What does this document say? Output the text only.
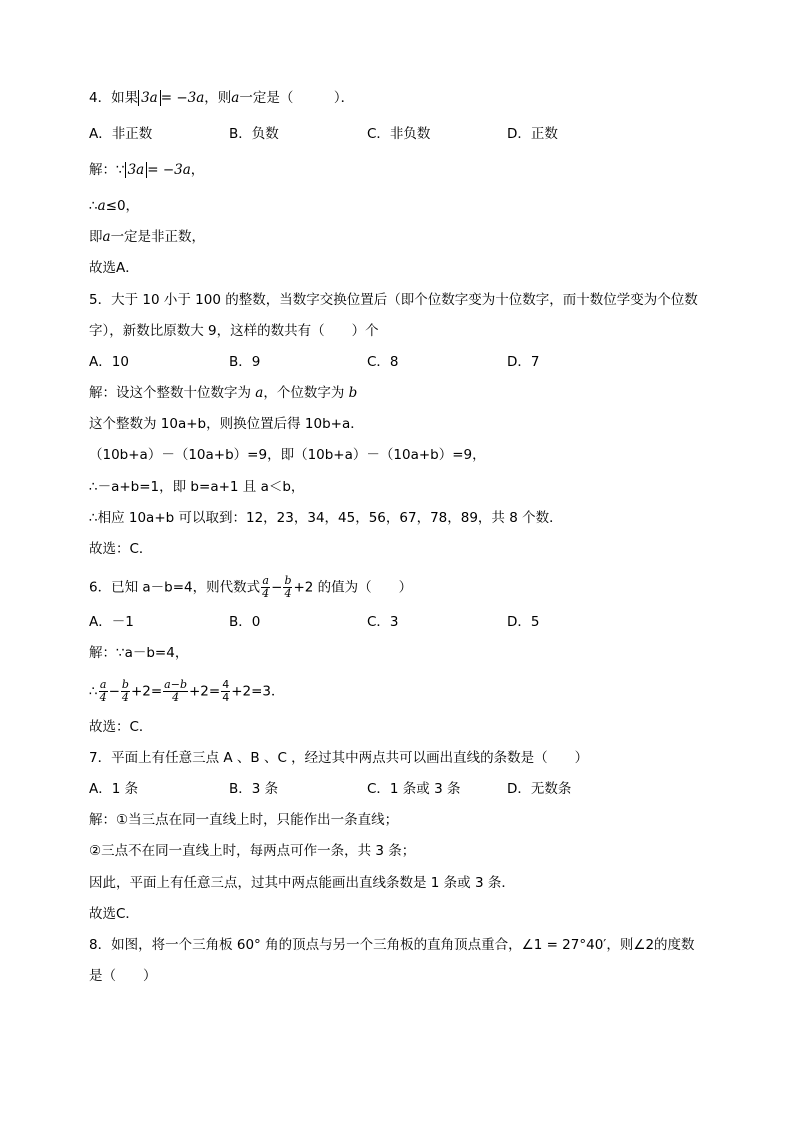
4．如果 3a = −3a，则a一定是（　　　）．
A．非正数	B．负数	C．非负数	D．正数
解：∵ 3a = −3a，
∴a≤0，
即a一定是非正数，
故选A．
5．大于 10 小于 100 的整数，当数字交换位置后（即个位数字变为十位数字，而十数位学变为个位数
字），新数比原数大 9，这样的数共有（　　）个
A．10	B．9	C．8	D．7
解：设这个整数十位数字为 a，个位数字为 b
这个整数为 10a+b，则换位置后得 10b+a．
（10b+a）－（10a+b）=9，即（10b+a）－（10a+b）=9，
∴－a+b=1，即 b=a+1 且 a＜b，
∴相应 10a+b 可以取到：12，23，34，45，56，67，78，89，共 8 个数．
故选：C．
6．已知 a－b=4，则代数式 $\frac{a}{4} - \frac{b}{4} +2$ 的值为（　　）
A．－1	B．0	C．3	D．5
解：∵a－b=4，
∴ $\frac{a}{4} - \frac{b}{4} +2= \frac{a-b}{4} +2= \frac{4}{4} +2=3$．
故选：C．
7．平面上有任意三点 A 、B 、C ，经过其中两点共可以画出直线的条数是（　　）
A．1 条	B．3 条	C．1 条或 3 条	D．无数条
解：①当三点在同一直线上时，只能作出一条直线；
②三点不在同一直线上时，每两点可作一条，共 3 条；
因此，平面上有任意三点，过其中两点能画出直线条数是 1 条或 3 条．
故选C．
8．如图，将一个三角板 60° 角的顶点与另一个三角板的直角顶点重合，∠1 = 27°40′，则∠2的度数
是（　　）
